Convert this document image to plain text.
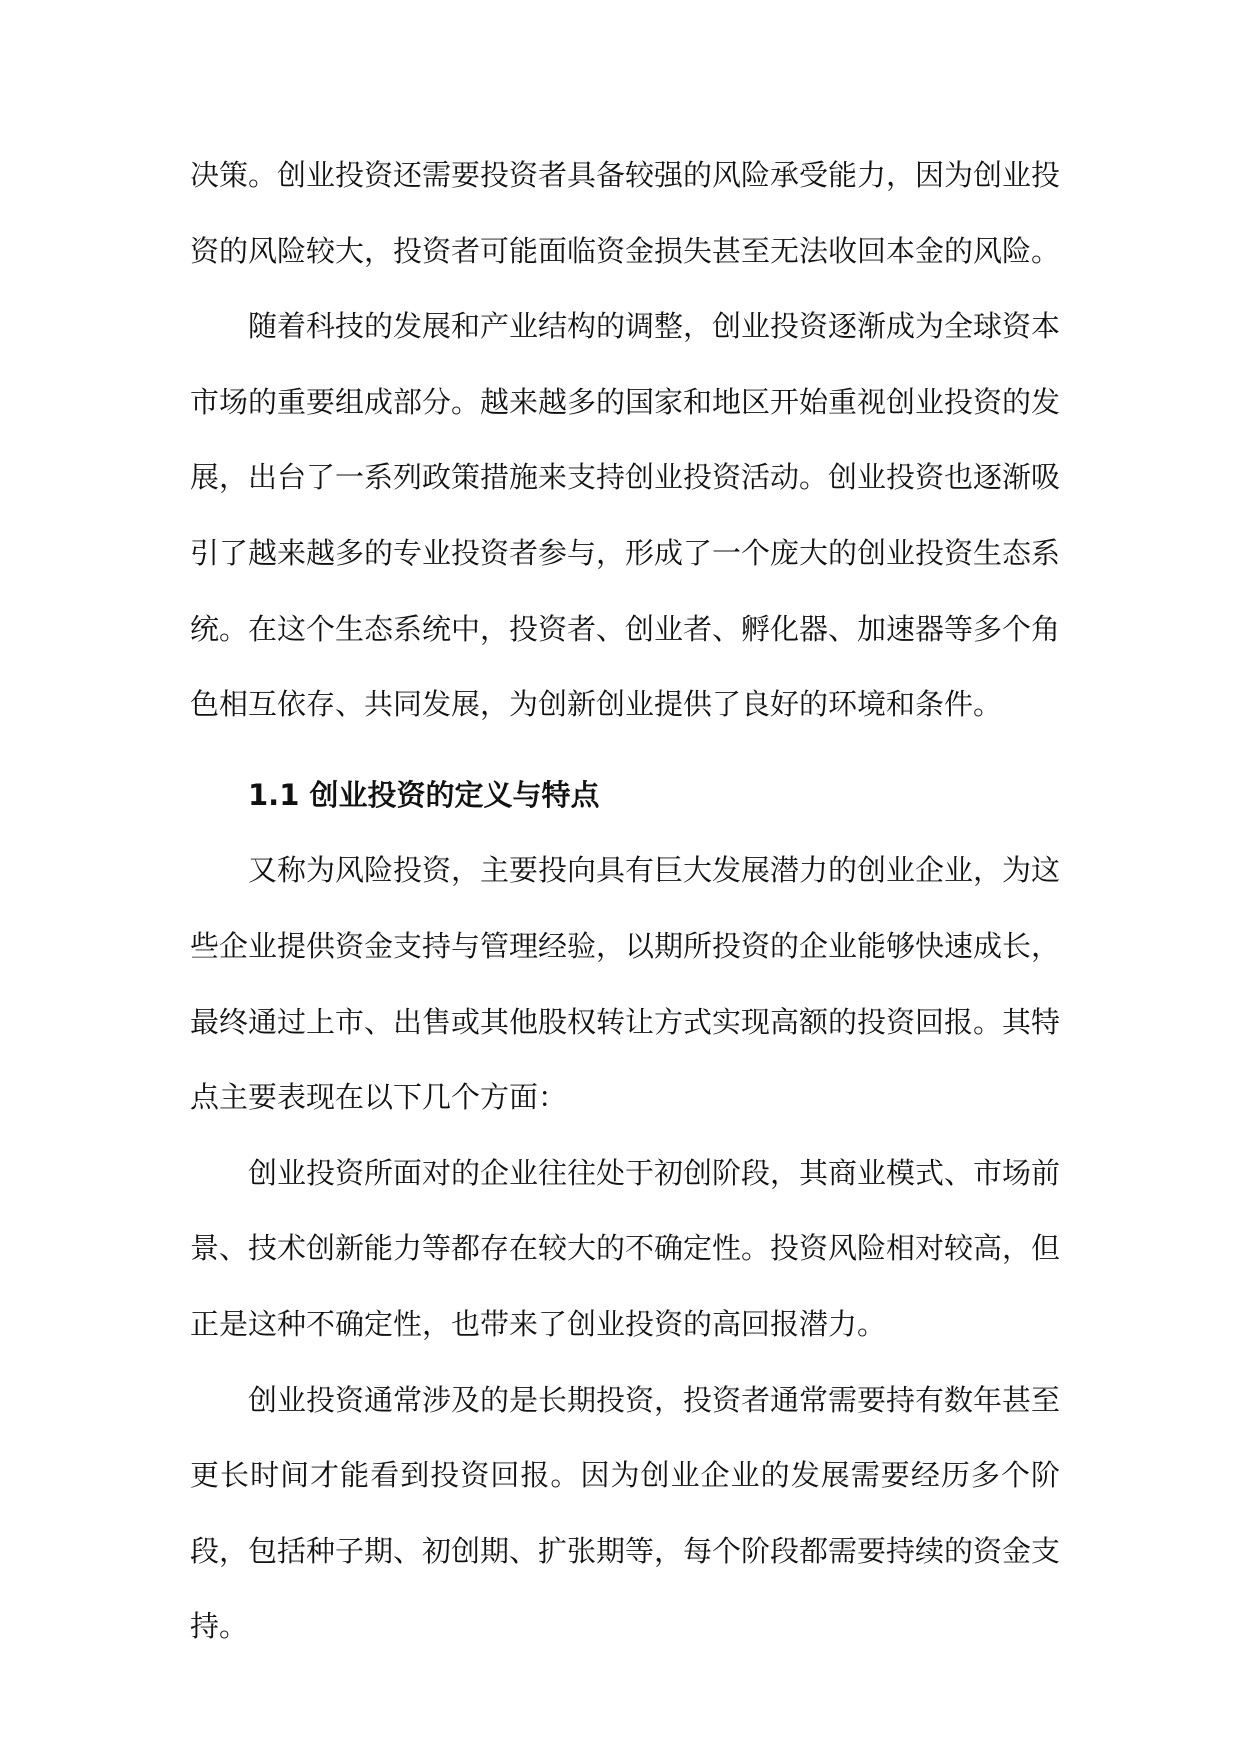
决策。创业投资还需要投资者具备较强的风险承受能力，因为创业投资的风险较大，投资者可能面临资金损失甚至无法收回本金的风险。

随着科技的发展和产业结构的调整，创业投资逐渐成为全球资本市场的重要组成部分。越来越多的国家和地区开始重视创业投资的发展，出台了一系列政策措施来支持创业投资活动。创业投资也逐渐吸引了越来越多的专业投资者参与，形成了一个庞大的创业投资生态系统。在这个生态系统中，投资者、创业者、孵化器、加速器等多个角色相互依存、共同发展，为创新创业提供了良好的环境和条件。

1.1 创业投资的定义与特点

又称为风险投资，主要投向具有巨大发展潜力的创业企业，为这些企业提供资金支持与管理经验，以期所投资的企业能够快速成长，最终通过上市、出售或其他股权转让方式实现高额的投资回报。其特点主要表现在以下几个方面：

创业投资所面对的企业往往处于初创阶段，其商业模式、市场前景、技术创新能力等都存在较大的不确定性。投资风险相对较高，但正是这种不确定性，也带来了创业投资的高回报潜力。

创业投资通常涉及的是长期投资，投资者通常需要持有数年甚至更长时间才能看到投资回报。因为创业企业的发展需要经历多个阶段，包括种子期、初创期、扩张期等，每个阶段都需要持续的资金支持。
